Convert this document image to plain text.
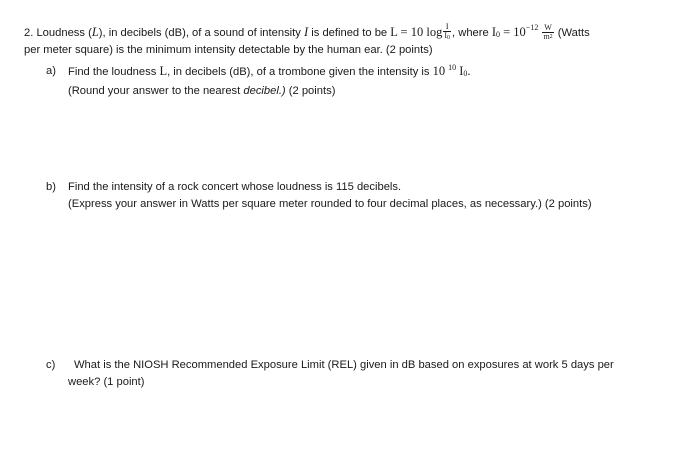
2. Loudness (L), in decibels (dB), of a sound of intensity I is defined to be L = 10 $\log \frac{I}{I_0}$ , where $I_0 = 10^{-12} \frac{W}{m^2}$ (Watts
per meter square) is the minimum intensity detectable by the human ear. (2 points)
a) Find the loudness L, in decibels (dB), of a trombone given the intensity is 10 $^{10}$ $I_0$.
(Round your answer to the nearest decibel.) (2 points)
b) Find the intensity of a rock concert whose loudness is 115 decibels.
(Express your answer in Watts per square meter rounded to four decimal places, as necessary.) (2 points)
c) What is the NIOSH Recommended Exposure Limit (REL) given in dB based on exposures at work 5 days per
week? (1 point)
